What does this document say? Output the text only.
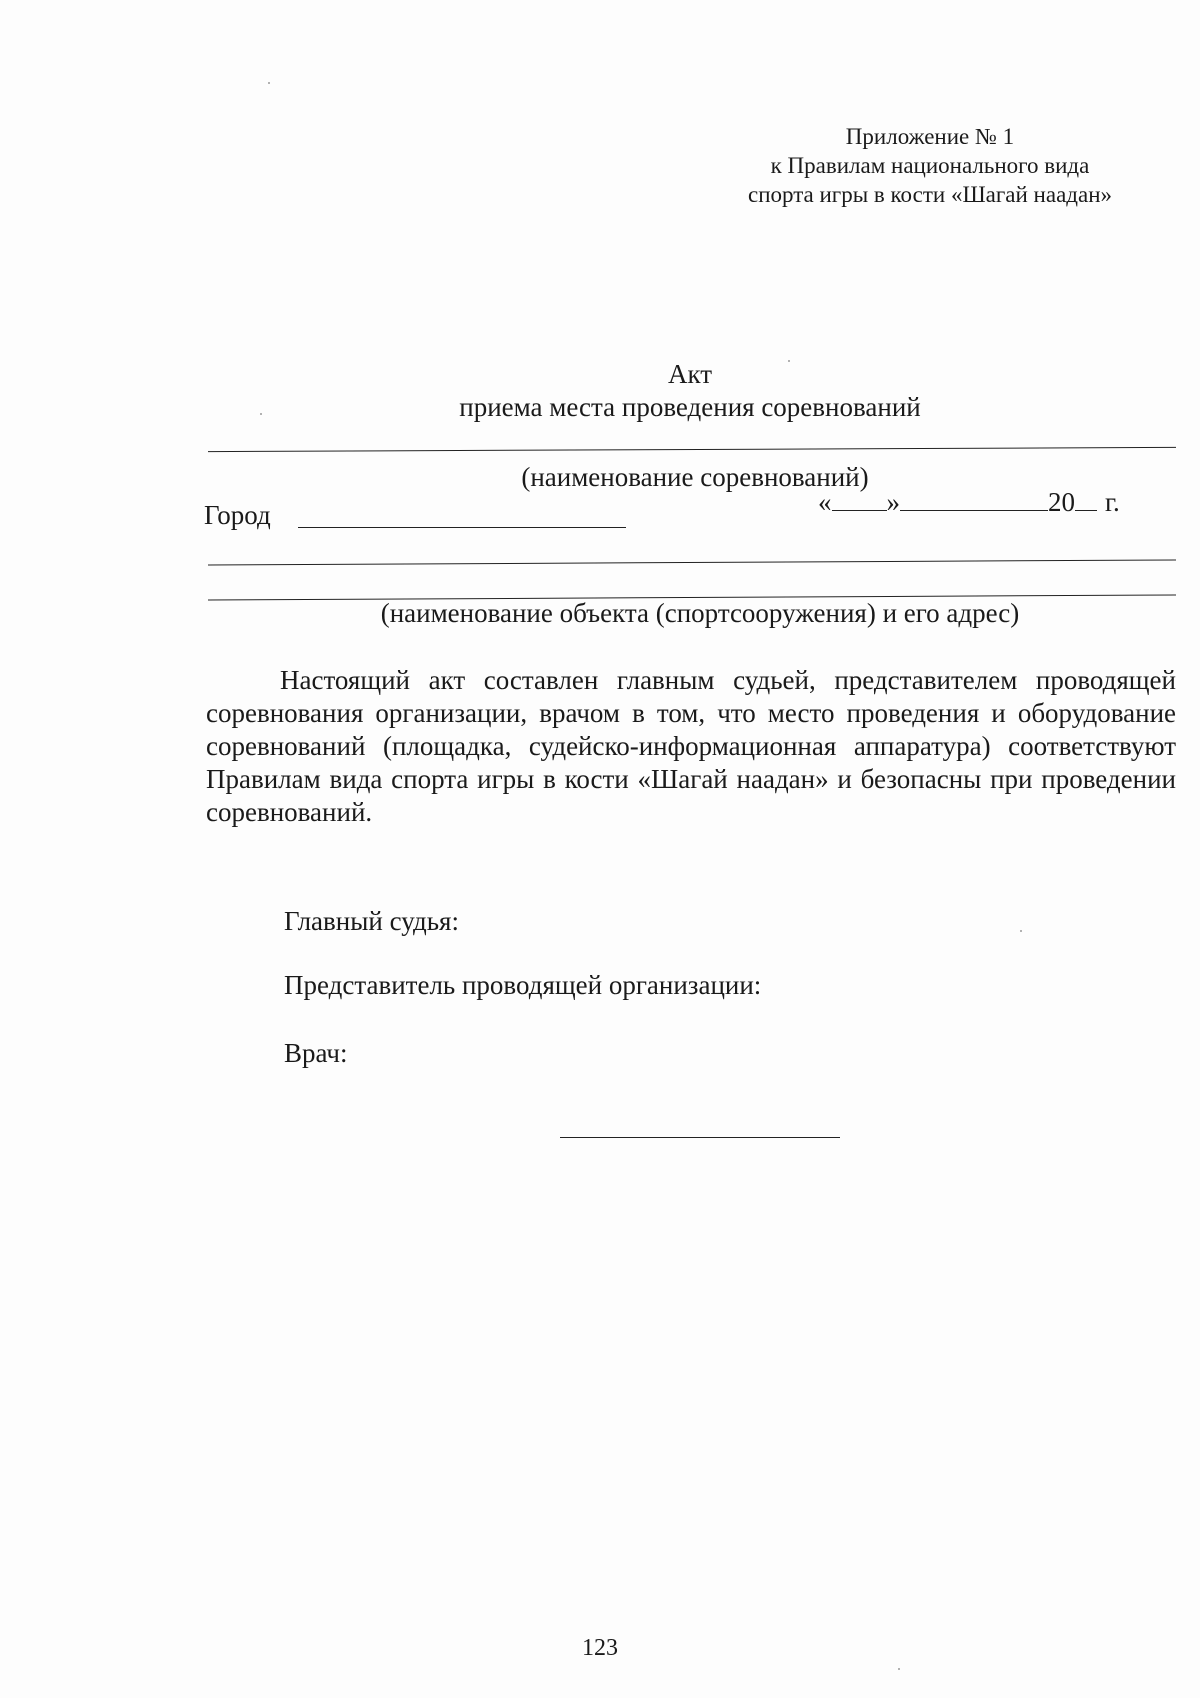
Приложение № 1
к Правилам национального вида
спорта игры в кости «Шагай наадан»
Акт
приема места проведения соревнований
(наименование соревнований)
Город	« »	20 г.
(наименование объекта (спортсооружения) и его адрес)
Настоящий акт составлен главным судьей, представителем проводящей соревнования организации, врачом в том, что место проведения и оборудование соревнований (площадка, судейско-информационная аппаратура) соответствуют Правилам вида спорта игры в кости «Шагай наадан» и безопасны при проведении соревнований.
Главный судья:
Представитель проводящей организации:
Врач:
123
